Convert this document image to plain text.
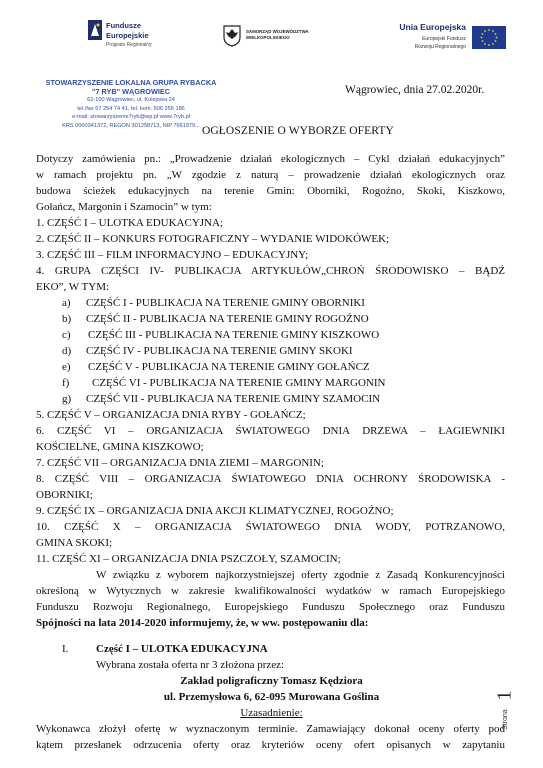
Fundusze
Europejskie
Program Regionalny
SAMORZĄD WOJEWÓDZTWA
WIELKOPOLSKIEGO
Unia Europejska
Europejski Fundusz
Rozwoju Regionalnego
STOWARZYSZENIE LOKALNA GRUPA RYBACKA
"7 RYB" WĄGROWIEC
62-100 Wągrowiec, ul. Kolejowa 24
tel./fax 67 254 74 41, tel. kom. 506 256 186
e-mail: stowarzyszenie7ryb@wp.pl www.7ryb.pl
KRS 0000341372, REGON 301258713, NIP 7661979...
Wągrowiec, dnia 27.02.2020r.
OGŁOSZENIE O WYBORZE OFERTY
Dotyczy zamówienia pn.: „Prowadzenie działań ekologicznych – Cykl działań edukacyjnych”
w ramach projektu pn. „W zgodzie z naturą – prowadzenie działań ekologicznych oraz
budowa ścieżek edukacyjnych na terenie Gmin: Oborniki, Rogoźno, Skoki, Kiszkowo,
Gołańcz, Margonin i Szamocin” w tym:
1. CZĘŚĆ I – ULOTKA EDUKACYJNA;
2. CZĘŚĆ II – KONKURS FOTOGRAFICZNY – WYDANIE WIDOKÓWEK;
3. CZĘŚĆ III – FILM INFORMACYJNO – EDUKACYJNY;
4. GRUPA CZĘŚCI IV- PUBLIKACJA ARTYKUŁÓW„CHROŃ ŚRODOWISKO – BĄDŹ
EKO”, W TYM:
a) CZĘŚĆ I - PUBLIKACJA NA TERENIE GMINY OBORNIKI
b) CZĘŚĆ II - PUBLIKACJA NA TERENIE GMINY ROGOŹNO
c) CZĘŚĆ III - PUBLIKACJA NA TERENIE GMINY KISZKOWO
d) CZĘŚĆ IV - PUBLIKACJA NA TERENIE GMINY SKOKI
e) CZĘŚĆ V - PUBLIKACJA NA TERENIE GMINY GOŁAŃCZ
f) CZĘŚĆ VI - PUBLIKACJA NA TERENIE GMINY MARGONIN
g) CZĘŚĆ VII - PUBLIKACJA NA TERENIE GMINY SZAMOCIN
5. CZĘŚĆ V – ORGANIZACJA DNIA RYBY - GOŁAŃCZ;
6. CZĘŚĆ VI – ORGANIZACJA ŚWIATOWEGO DNIA DRZEWA – ŁAGIEWNIKI
KOŚCIELNE, GMINA KISZKOWO;
7. CZĘŚĆ VII – ORGANIZACJA DNIA ZIEMI – MARGONIN;
8. CZĘŚĆ VIII – ORGANIZACJA ŚWIATOWEGO DNIA OCHRONY ŚRODOWISKA -
OBORNIKI;
9. CZĘŚĆ IX – ORGANIZACJA DNIA AKCJI KLIMATYCZNEJ, ROGOŹNO;
10. CZĘŚĆ X – ORGANIZACJA ŚWIATOWEGO DNIA WODY, POTRZANOWO,
GMINA SKOKI;
11. CZĘŚĆ XI – ORGANIZACJA DNIA PSZCZOŁY, SZAMOCIN;
W związku z wyborem najkorzystniejszej oferty zgodnie z Zasadą Konkurencyjności
określoną w Wytycznych w zakresie kwalifikowalności wydatków w ramach Europejskiego
Funduszu Rozwoju Regionalnego, Europejskiego Funduszu Społecznego oraz Funduszu
Spójności na lata 2014-2020 informujemy, że, w ww. postępowaniu dla:
I.	Część I – ULOTKA EDUKACYJNA
Wybrana została oferta nr 3 złożona przez:
Zakład poligraficzny Tomasz Kędziora
ul. Przemysłowa 6, 62-095 Murowana Goślina
Uzasadnienie:
Wykonawca złożył ofertę w wyznaczonym terminie. Zamawiający dokonał oceny oferty pod
kątem przesłanek odrzucenia oferty oraz kryteriów oceny ofert opisanych w zapytaniu
1
Strona
